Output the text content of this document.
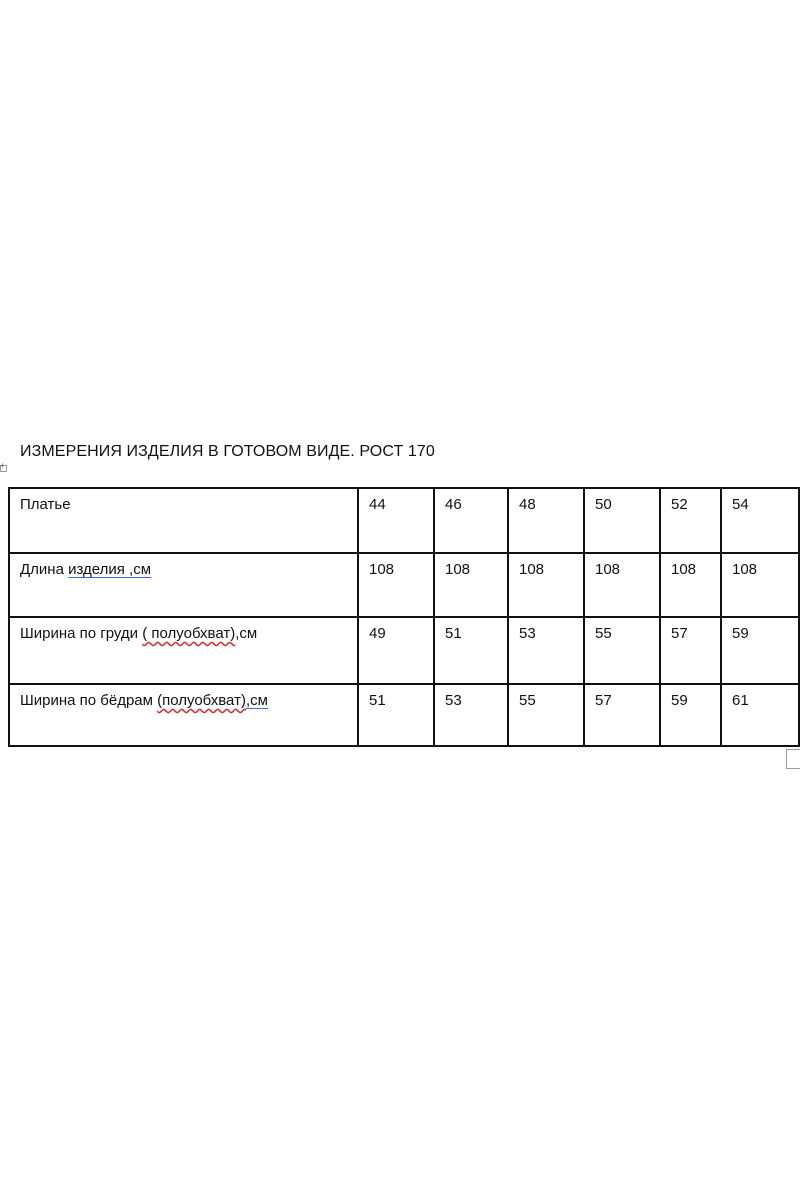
ИЗМЕРЕНИЯ ИЗДЕЛИЯ В ГОТОВОМ ВИДЕ. РОСТ 170
+
Платье	44	46	48	50	52	54
Длина изделия ,см	108	108	108	108	108	108
Ширина по груди ( полуобхват),см	49	51	53	55	57	59
Ширина по бёдрам (полуобхват),см	51	53	55	57	59	61
